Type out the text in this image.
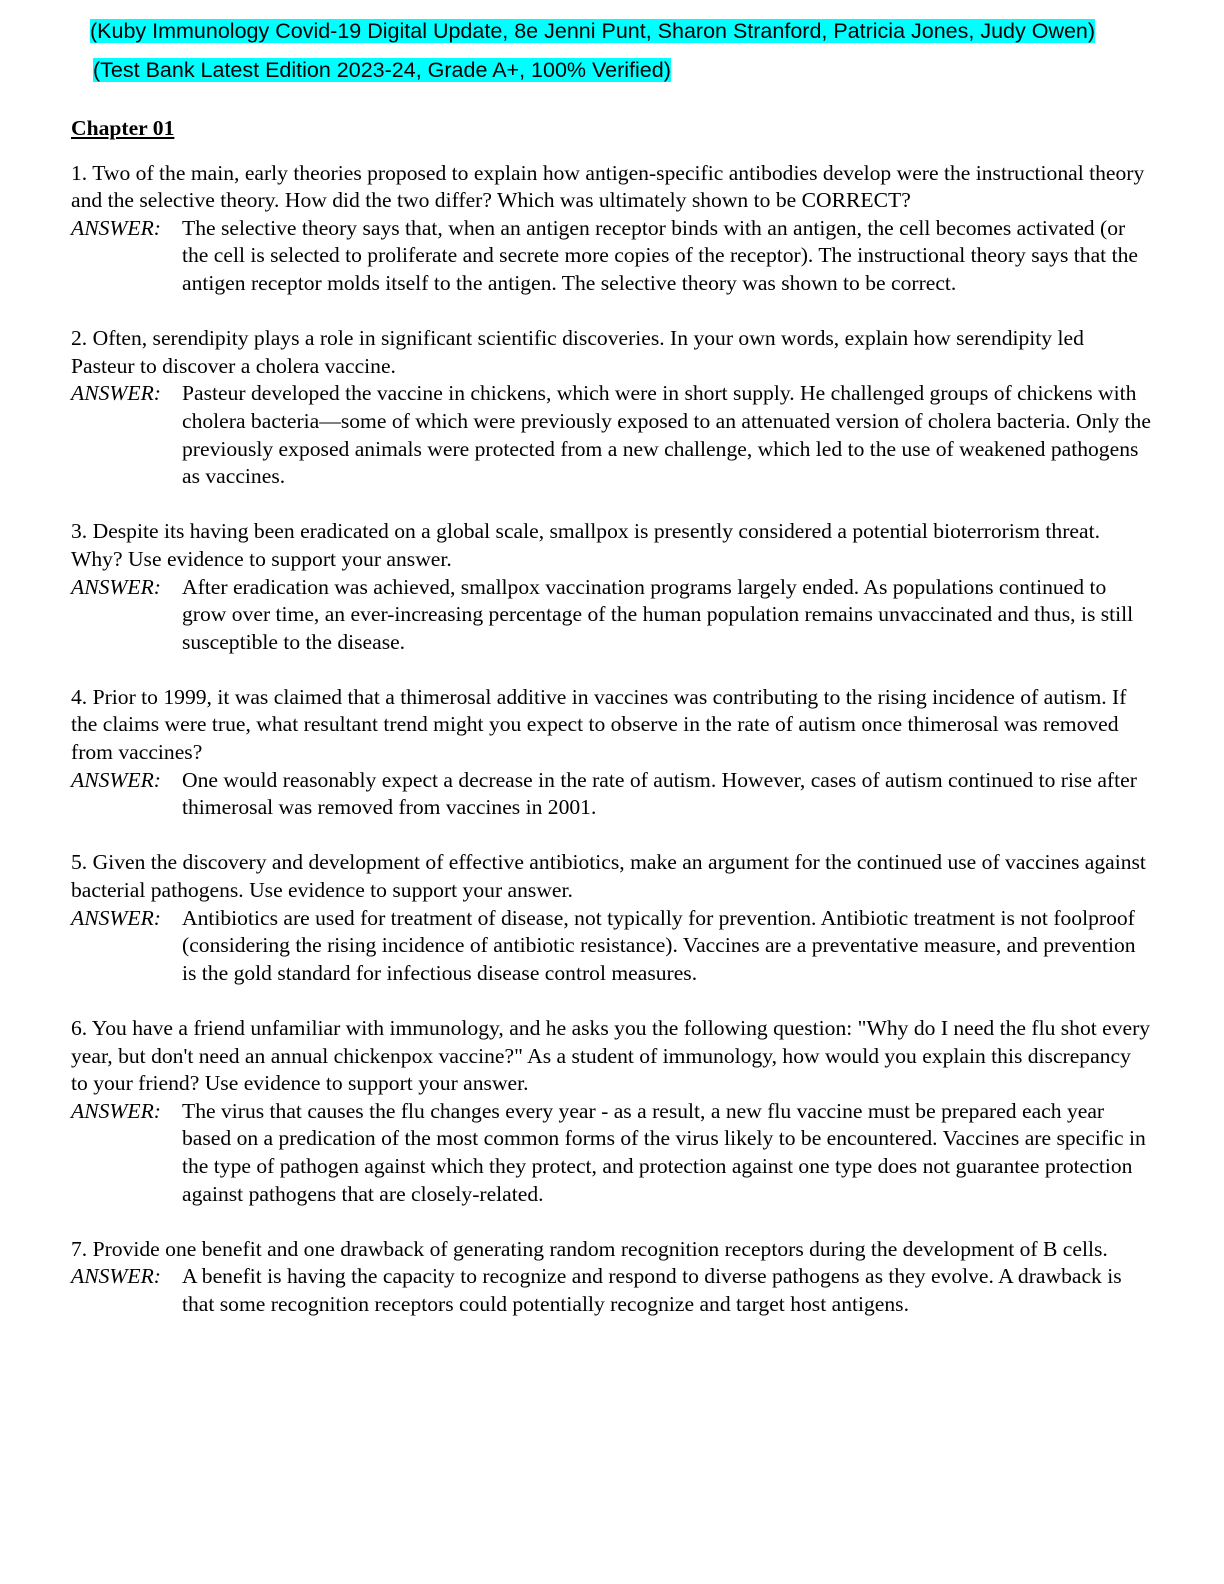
(Kuby Immunology Covid-19 Digital Update, 8e Jenni Punt, Sharon Stranford, Patricia Jones, Judy Owen)
(Test Bank Latest Edition 2023-24, Grade A+, 100% Verified)
Chapter 01

1. Two of the main, early theories proposed to explain how antigen-specific antibodies develop were the instructional theory and the selective theory. How did the two differ? Which was ultimately shown to be CORRECT?

ANSWER: The selective theory says that, when an antigen receptor binds with an antigen, the cell becomes activated (or the cell is selected to proliferate and secrete more copies of the receptor). The instructional theory says that the antigen receptor molds itself to the antigen. The selective theory was shown to be correct.

2. Often, serendipity plays a role in significant scientific discoveries. In your own words, explain how serendipity led Pasteur to discover a cholera vaccine.

ANSWER: Pasteur developed the vaccine in chickens, which were in short supply. He challenged groups of chickens with cholera bacteria—some of which were previously exposed to an attenuated version of cholera bacteria. Only the previously exposed animals were protected from a new challenge, which led to the use of weakened pathogens as vaccines.

3. Despite its having been eradicated on a global scale, smallpox is presently considered a potential bioterrorism threat. Why? Use evidence to support your answer.

ANSWER: After eradication was achieved, smallpox vaccination programs largely ended. As populations continued to grow over time, an ever-increasing percentage of the human population remains unvaccinated and thus, is still susceptible to the disease.

4. Prior to 1999, it was claimed that a thimerosal additive in vaccines was contributing to the rising incidence of autism. If the claims were true, what resultant trend might you expect to observe in the rate of autism once thimerosal was removed from vaccines?

ANSWER: One would reasonably expect a decrease in the rate of autism. However, cases of autism continued to rise after thimerosal was removed from vaccines in 2001.

5. Given the discovery and development of effective antibiotics, make an argument for the continued use of vaccines against bacterial pathogens. Use evidence to support your answer.

ANSWER: Antibiotics are used for treatment of disease, not typically for prevention. Antibiotic treatment is not foolproof (considering the rising incidence of antibiotic resistance). Vaccines are a preventative measure, and prevention is the gold standard for infectious disease control measures.

6. You have a friend unfamiliar with immunology, and he asks you the following question: "Why do I need the flu shot every year, but don't need an annual chickenpox vaccine?" As a student of immunology, how would you explain this discrepancy to your friend? Use evidence to support your answer.

ANSWER: The virus that causes the flu changes every year - as a result, a new flu vaccine must be prepared each year based on a predication of the most common forms of the virus likely to be encountered. Vaccines are specific in the type of pathogen against which they protect, and protection against one type does not guarantee protection against pathogens that are closely-related.

7. Provide one benefit and one drawback of generating random recognition receptors during the development of B cells.

ANSWER: A benefit is having the capacity to recognize and respond to diverse pathogens as they evolve. A drawback is that some recognition receptors could potentially recognize and target host antigens.
